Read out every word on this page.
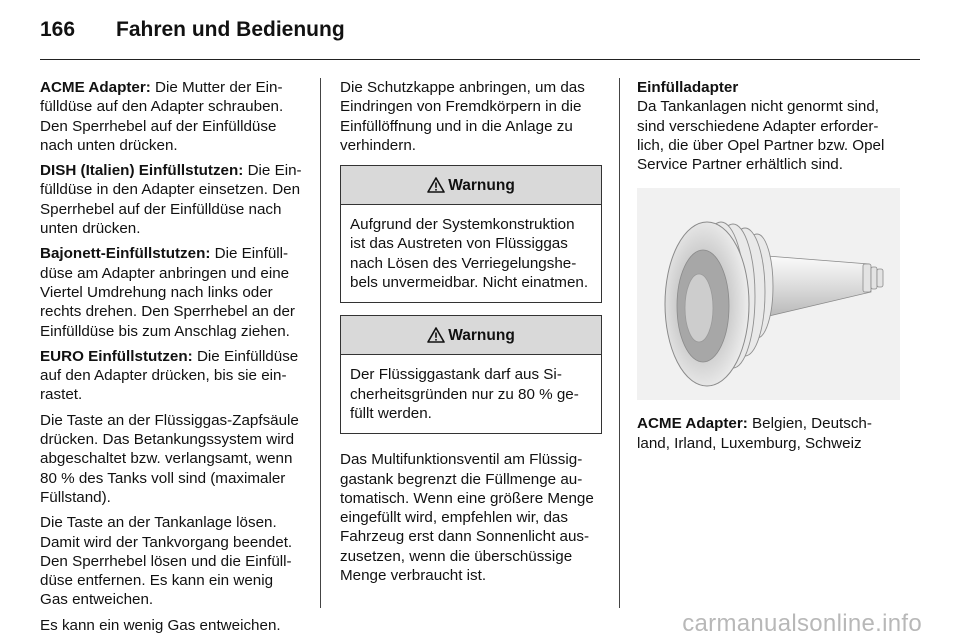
166	Fahren und Bedienung

ACME Adapter: Die Mutter der Einfülldüse auf den Adapter schrauben. Den Sperrhebel auf der Einfülldüse nach unten drücken.

DISH (Italien) Einfüllstutzen: Die Einfülldüse in den Adapter einsetzen. Den Sperrhebel auf der Einfülldüse nach unten drücken.

Bajonett-Einfüllstutzen: Die Einfülldüse am Adapter anbringen und eine Viertel Umdrehung nach links oder rechts drehen. Den Sperrhebel an der Einfülldüse bis zum Anschlag ziehen.

EURO Einfüllstutzen: Die Einfülldüse auf den Adapter drücken, bis sie einrastet.

Die Taste an der Flüssiggas-Zapfsäule drücken. Das Betankungssystem wird abgeschaltet bzw. verlangsamt, wenn 80 % des Tanks voll sind (maximaler Füllstand).

Die Taste an der Tankanlage lösen. Damit wird der Tankvorgang beendet. Den Sperrhebel lösen und die Einfülldüse entfernen. Es kann ein wenig Gas entweichen.

Es kann ein wenig Gas entweichen.

Die Schutzkappe anbringen, um das Eindringen von Fremdkörpern in die Einfüllöffnung und in die Anlage zu verhindern.

Warnung
Aufgrund der Systemkonstruktion ist das Austreten von Flüssiggas nach Lösen des Verriegelungshebels unvermeidbar. Nicht einatmen.
Warnung
Der Flüssiggastank darf aus Sicherheitsgründen nur zu 80 % gefüllt werden.

Das Multifunktionsventil am Flüssiggastank begrenzt die Füllmenge automatisch. Wenn eine größere Menge eingefüllt wird, empfehlen wir, das Fahrzeug erst dann Sonnenlicht auszusetzen, wenn die überschüssige Menge verbraucht ist.

Einfülladapter

Da Tankanlagen nicht genormt sind, sind verschiedene Adapter erforderlich, die über Opel Partner bzw. Opel Service Partner erhältlich sind.

ACME Adapter: Belgien, Deutschland, Irland, Luxemburg, Schweiz

carmanualsonline.info
